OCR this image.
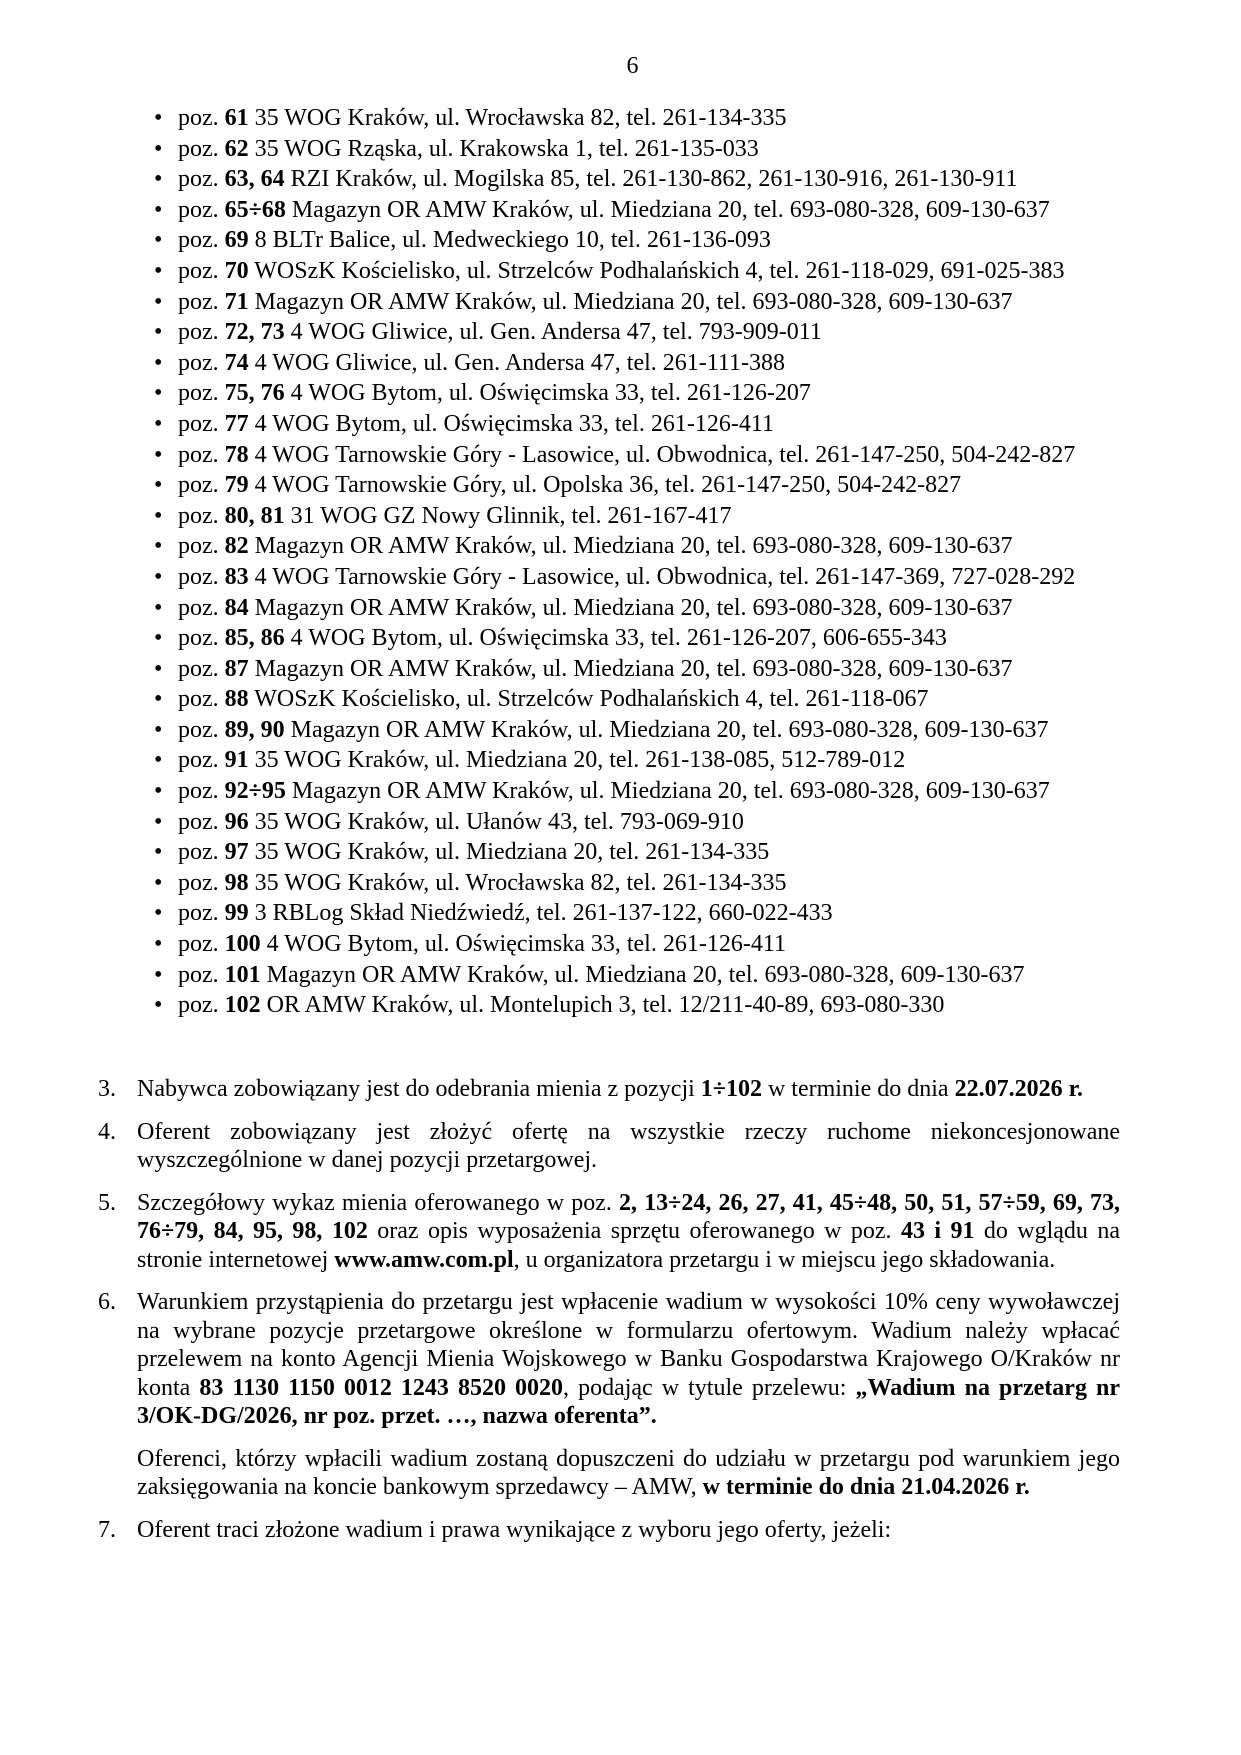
6
• poz. 61 35 WOG Kraków, ul. Wrocławska 82, tel. 261-134-335
• poz. 62 35 WOG Rząska, ul. Krakowska 1, tel. 261-135-033
• poz. 63, 64 RZI Kraków, ul. Mogilska 85, tel. 261-130-862, 261-130-916, 261-130-911
• poz. 65÷68 Magazyn OR AMW Kraków, ul. Miedziana 20, tel. 693-080-328, 609-130-637
• poz. 69 8 BLTr Balice, ul. Medweckiego 10, tel. 261-136-093
• poz. 70 WOSzK Kościelisko, ul. Strzelców Podhalańskich 4, tel. 261-118-029, 691-025-383
• poz. 71 Magazyn OR AMW Kraków, ul. Miedziana 20, tel. 693-080-328, 609-130-637
• poz. 72, 73 4 WOG Gliwice, ul. Gen. Andersa 47, tel. 793-909-011
• poz. 74 4 WOG Gliwice, ul. Gen. Andersa 47, tel. 261-111-388
• poz. 75, 76 4 WOG Bytom, ul. Oświęcimska 33, tel. 261-126-207
• poz. 77 4 WOG Bytom, ul. Oświęcimska 33, tel. 261-126-411
• poz. 78 4 WOG Tarnowskie Góry - Lasowice, ul. Obwodnica, tel. 261-147-250, 504-242-827
• poz. 79 4 WOG Tarnowskie Góry, ul. Opolska 36, tel. 261-147-250, 504-242-827
• poz. 80, 81 31 WOG GZ Nowy Glinnik, tel. 261-167-417
• poz. 82 Magazyn OR AMW Kraków, ul. Miedziana 20, tel. 693-080-328, 609-130-637
• poz. 83 4 WOG Tarnowskie Góry - Lasowice, ul. Obwodnica, tel. 261-147-369, 727-028-292
• poz. 84 Magazyn OR AMW Kraków, ul. Miedziana 20, tel. 693-080-328, 609-130-637
• poz. 85, 86 4 WOG Bytom, ul. Oświęcimska 33, tel. 261-126-207, 606-655-343
• poz. 87 Magazyn OR AMW Kraków, ul. Miedziana 20, tel. 693-080-328, 609-130-637
• poz. 88 WOSzK Kościelisko, ul. Strzelców Podhalańskich 4, tel. 261-118-067
• poz. 89, 90 Magazyn OR AMW Kraków, ul. Miedziana 20, tel. 693-080-328, 609-130-637
• poz. 91 35 WOG Kraków, ul. Miedziana 20, tel. 261-138-085, 512-789-012
• poz. 92÷95 Magazyn OR AMW Kraków, ul. Miedziana 20, tel. 693-080-328, 609-130-637
• poz. 96 35 WOG Kraków, ul. Ułanów 43, tel. 793-069-910
• poz. 97 35 WOG Kraków, ul. Miedziana 20, tel. 261-134-335
• poz. 98 35 WOG Kraków, ul. Wrocławska 82, tel. 261-134-335
• poz. 99 3 RBLog Skład Niedźwiedź, tel. 261-137-122, 660-022-433
• poz. 100 4 WOG Bytom, ul. Oświęcimska 33, tel. 261-126-411
• poz. 101 Magazyn OR AMW Kraków, ul. Miedziana 20, tel. 693-080-328, 609-130-637
• poz. 102 OR AMW Kraków, ul. Montelupich 3, tel. 12/211-40-89, 693-080-330
3. Nabywca zobowiązany jest do odebrania mienia z pozycji 1÷102 w terminie do dnia 22.07.2026 r.

4. Oferent zobowiązany jest złożyć ofertę na wszystkie rzeczy ruchome niekoncesjonowane wyszczególnione w danej pozycji przetargowej.

5. Szczegółowy wykaz mienia oferowanego w poz. 2, 13÷24, 26, 27, 41, 45÷48, 50, 51, 57÷59, 69, 73, 76÷79, 84, 95, 98, 102 oraz opis wyposażenia sprzętu oferowanego w poz. 43 i 91 do wglądu na stronie internetowej www.amw.com.pl, u organizatora przetargu i w miejscu jego składowania.

6. Warunkiem przystąpienia do przetargu jest wpłacenie wadium w wysokości 10% ceny wywoławczej na wybrane pozycje przetargowe określone w formularzu ofertowym. Wadium należy wpłacać przelewem na konto Agencji Mienia Wojskowego w Banku Gospodarstwa Krajowego O/Kraków nr konta 83 1130 1150 0012 1243 8520 0020, podając w tytule przelewu: „Wadium na przetarg nr 3/OK-DG/2026, nr poz. przet. …, nazwa oferenta”.

Oferenci, którzy wpłacili wadium zostaną dopuszczeni do udziału w przetargu pod warunkiem jego zaksięgowania na koncie bankowym sprzedawcy – AMW, w terminie do dnia 21.04.2026 r.

7. Oferent traci złożone wadium i prawa wynikające z wyboru jego oferty, jeżeli:
